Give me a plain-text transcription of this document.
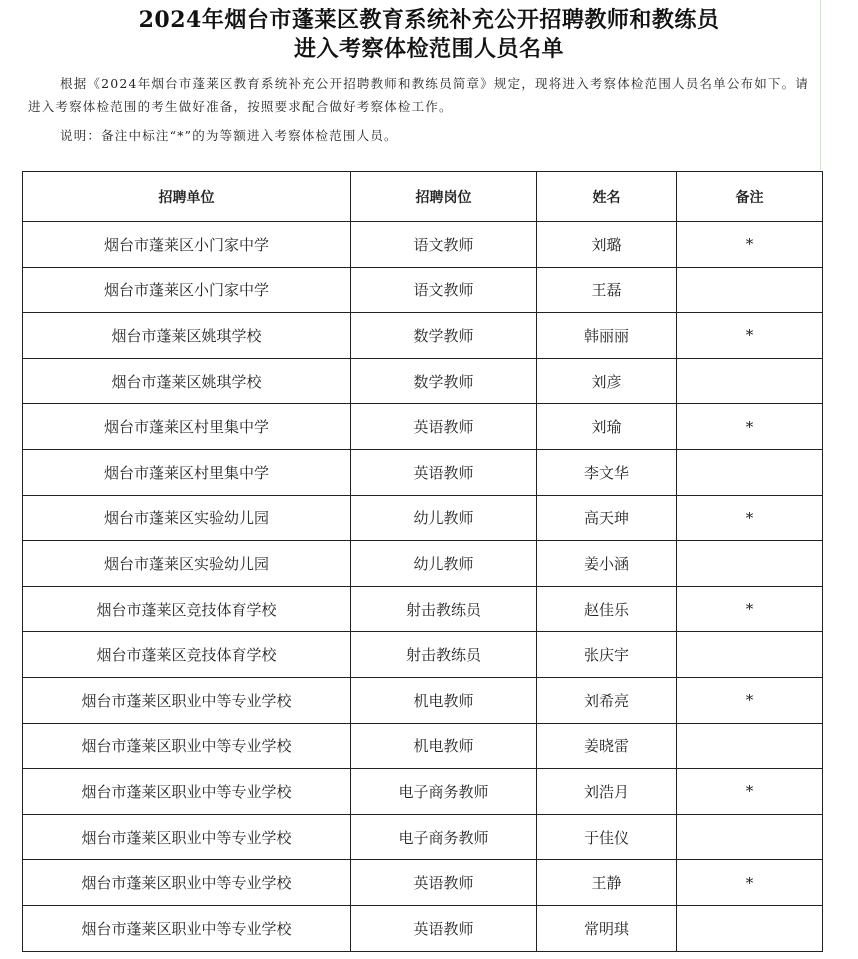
2024年烟台市蓬莱区教育系统补充公开招聘教师和教练员
进入考察体检范围人员名单
根据《2024年烟台市蓬莱区教育系统补充公开招聘教师和教练员简章》规定，现将进入考察体检范围人员名单公布如下。请进入考察体检范围的考生做好准备，按照要求配合做好考察体检工作。
说明：备注中标注“*”的为等额进入考察体检范围人员。
招聘单位	招聘岗位	姓名	备注
烟台市蓬莱区小门家中学	语文教师	刘璐	*
烟台市蓬莱区小门家中学	语文教师	王磊	
烟台市蓬莱区姚琪学校	数学教师	韩丽丽	*
烟台市蓬莱区姚琪学校	数学教师	刘彦	
烟台市蓬莱区村里集中学	英语教师	刘瑜	*
烟台市蓬莱区村里集中学	英语教师	李文华	
烟台市蓬莱区实验幼儿园	幼儿教师	高天珅	*
烟台市蓬莱区实验幼儿园	幼儿教师	姜小涵	
烟台市蓬莱区竞技体育学校	射击教练员	赵佳乐	*
烟台市蓬莱区竞技体育学校	射击教练员	张庆宇	
烟台市蓬莱区职业中等专业学校	机电教师	刘希亮	*
烟台市蓬莱区职业中等专业学校	机电教师	姜晓雷	
烟台市蓬莱区职业中等专业学校	电子商务教师	刘浩月	*
烟台市蓬莱区职业中等专业学校	电子商务教师	于佳仪	
烟台市蓬莱区职业中等专业学校	英语教师	王静	*
烟台市蓬莱区职业中等专业学校	英语教师	常明琪	
